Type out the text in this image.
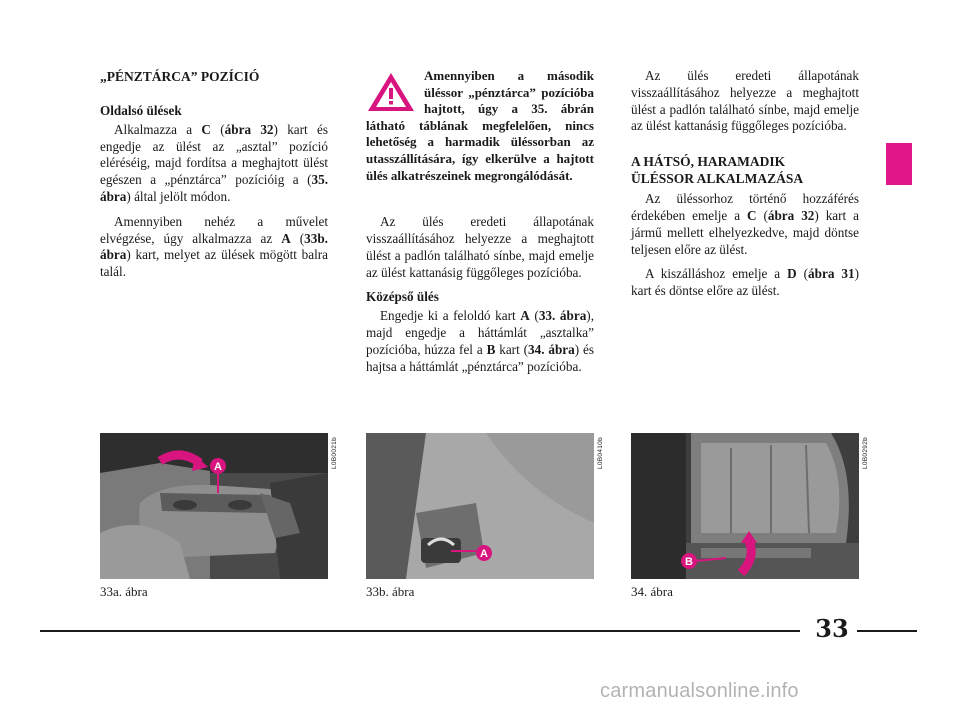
„PÉNZTÁRCA” POZÍCIÓ

Oldalsó ülések

Alkalmazza a C (ábra 32) kart és engedje az ülést az „asztal” pozíció eléréséig, majd fordítsa a meghajtott ülést egészen a „pénztárca” pozícióig a (35. ábra) által jelölt módon.

Amennyiben nehéz a művelet elvégzése, úgy alkalmazza az A (33b. ábra) kart, melyet az ülések mögött balra talál.

Amennyiben a második üléssor „pénztárca” pozícióba hajtott, úgy a 35. ábrán látható táblának megfelelően, nincs lehetőség a harmadik üléssorban az utasszállítására, így elkerülve a hajtott ülés alkatrészeinek megrongálódását.

Az ülés eredeti állapotának visszaállításához helyezze a meghajtott ülést a padlón található sínbe, majd emelje az ülést kattanásig függőleges pozícióba.

Középső ülés

Engedje ki a feloldó kart A (33. ábra), majd engedje a háttámlát „asztalka” pozícióba, húzza fel a B kart (34. ábra) és hajtsa a háttámlát „pénztárca” pozícióba.

Az ülés eredeti állapotának visszaállításához helyezze a meghajtott ülést a padlón található sínbe, majd emelje az ülést kattanásig függőleges pozícióba.

A HÁTSÓ, HARAMADIK
ÜLÉSSOR ALKALMAZÁSA

Az üléssorhoz történő hozzáférés érdekében emelje a C (ábra 32) kart a jármű mellett elhelyezkedve, majd döntse teljesen előre az ülést.

A kiszálláshoz emelje a D (ábra 31) kart és döntse előre az ülést.

A	L0B0021b
33a. ábra
A
L0B0410b
33b. ábra
B
L0B0292b
34. ábra
33
carmanualsonline.info
